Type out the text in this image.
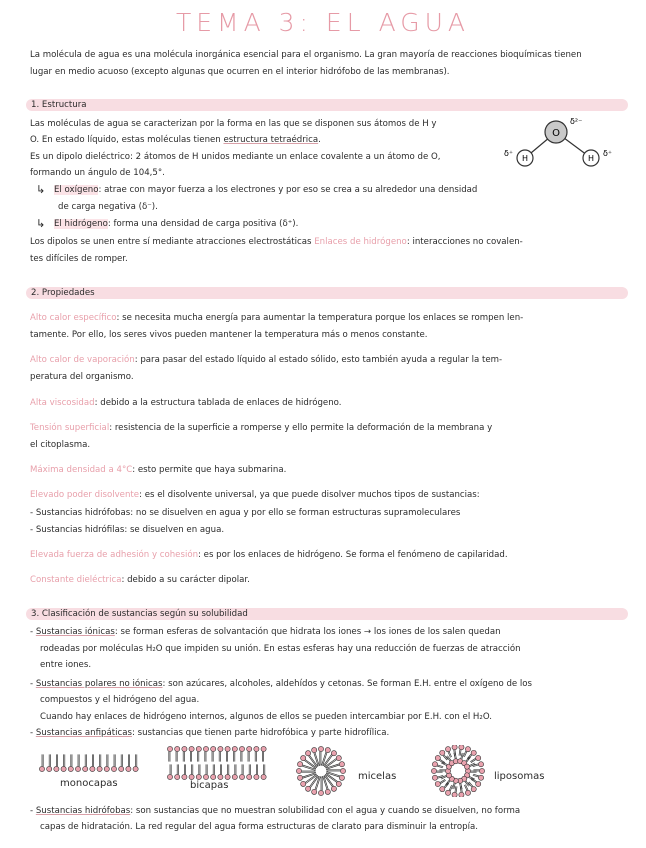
TEMA 3: EL AGUA
La molécula de agua es una molécula inorgánica esencial para el organismo. La gran mayoría de reacciones bioquímicas tienen
lugar en medio acuoso (excepto algunas que ocurren en el interior hidrófobo de las membranas).
1. Estructura
Las moléculas de agua se caracterizan por la forma en las que se disponen sus átomos de H y
O. En estado líquido, estas moléculas tienen estructura tetraédrica.
Es un dipolo dieléctrico: 2 átomos de H unidos mediante un enlace covalente a un átomo de O,
formando un ángulo de 104,5°.
↳ El oxígeno: atrae con mayor fuerza a los electrones y por eso se crea a su alrededor una densidad
de carga negativa (δ⁻).
↳ El hidrógeno: forma una densidad de carga positiva (δ⁺).
Los dipolos se unen entre sí mediante atracciones electrostáticas Enlaces de hidrógeno: interacciones no covalen-
tes difíciles de romper.
O
H	H
δ²⁻
δ⁺	δ⁺
2. Propiedades
Alto calor específico: se necesita mucha energía para aumentar la temperatura porque los enlaces se rompen len-
tamente. Por ello, los seres vivos pueden mantener la temperatura más o menos constante.
Alto calor de vaporación: para pasar del estado líquido al estado sólido, esto también ayuda a regular la tem-
peratura del organismo.
Alta viscosidad: debido a la estructura tablada de enlaces de hidrógeno.
Tensión superficial: resistencia de la superficie a romperse y ello permite la deformación de la membrana y
el citoplasma.
Máxima densidad a 4°C: esto permite que haya submarina.
Elevado poder disolvente: es el disolvente universal, ya que puede disolver muchos tipos de sustancias:
- Sustancias hidrófobas: no se disuelven en agua y por ello se forman estructuras supramoleculares
- Sustancias hidrófilas: se disuelven en agua.
Elevada fuerza de adhesión y cohesión: es por los enlaces de hidrógeno. Se forma el fenómeno de capilaridad.
Constante dieléctrica: debido a su carácter dipolar.
3. Clasificación de sustancias según su solubilidad
- Sustancias iónicas: se forman esferas de solvantación que hidrata los iones → los iones de los salen quedan
rodeadas por moléculas H₂O que impiden su unión. En estas esferas hay una reducción de fuerzas de atracción
entre iones.
- Sustancias polares no iónicas: son azúcares, alcoholes, aldehídos y cetonas. Se forman E.H. entre el oxígeno de los
compuestos y el hidrógeno del agua.
Cuando hay enlaces de hidrógeno internos, algunos de ellos se pueden intercambiar por E.H. con el H₂O.
- Sustancias anfipáticas: sustancias que tienen parte hidrofóbica y parte hidrofílica.
monocapas	bicapas
micelas	liposomas
- Sustancias hidrófobas: son sustancias que no muestran solubilidad con el agua y cuando se disuelven, no forma
capas de hidratación. La red regular del agua forma estructuras de clarato para disminuir la entropía.
